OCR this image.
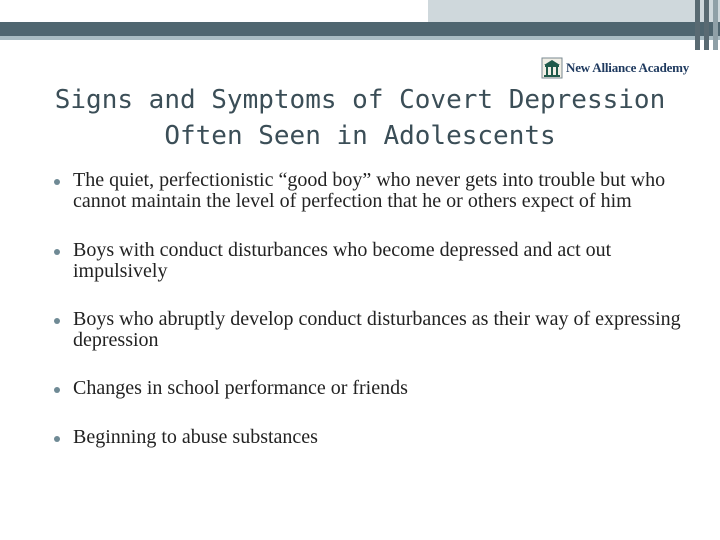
New Alliance Academy
Signs and Symptoms of Covert Depression
Often Seen in Adolescents
The quiet, perfectionistic “good boy” who never gets into trouble but who cannot maintain the level of perfection that he or others expect of him
Boys with conduct disturbances who become depressed and act out impulsively
Boys who abruptly develop conduct disturbances as their way of expressing depression
Changes in school performance or friends
Beginning to abuse substances
